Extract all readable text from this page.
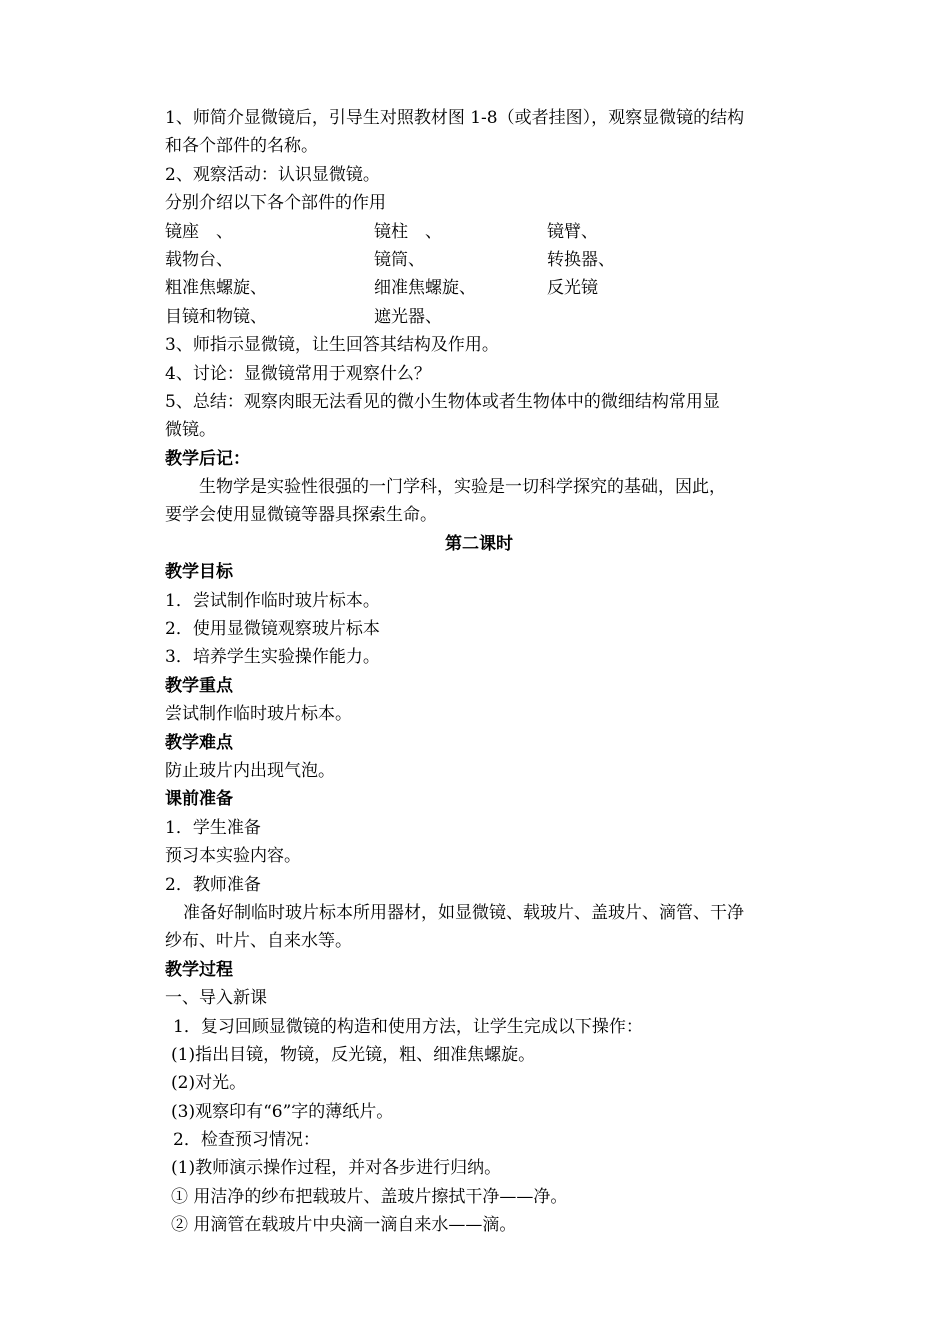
1、师简介显微镜后，引导生对照教材图 1-8（或者挂图），观察显微镜的结构
和各个部件的名称。
2、观察活动：认识显微镜。
分别介绍以下各个部件的作用
镜座　、	镜柱　、	镜臂、
载物台、	镜筒、	转换器、
粗准焦螺旋、	细准焦螺旋、	反光镜
目镜和物镜、	遮光器、
3、师指示显微镜，让生回答其结构及作用。
4、讨论：显微镜常用于观察什么？
5、总结：观察肉眼无法看见的微小生物体或者生物体中的微细结构常用显
微镜。
教学后记：
生物学是实验性很强的一门学科，实验是一切科学探究的基础，因此，
要学会使用显微镜等器具探索生命。
第二课时
教学目标
1．尝试制作临时玻片标本。
2．使用显微镜观察玻片标本
3．培养学生实验操作能力。
教学重点
尝试制作临时玻片标本。
教学难点
防止玻片内出现气泡。
课前准备
1．学生准备
预习本实验内容。
2．教师准备
准备好制临时玻片标本所用器材，如显微镜、载玻片、盖玻片、滴管、干净
纱布、叶片、自来水等。
教学过程
一、导入新课
1．复习回顾显微镜的构造和使用方法，让学生完成以下操作：
(1)指出目镜，物镜，反光镜，粗、细准焦螺旋。
(2)对光。
(3)观察印有“6”字的薄纸片。
2．检查预习情况：
(1)教师演示操作过程，并对各步进行归纳。
① 用洁净的纱布把载玻片、盖玻片擦拭干净——净。
② 用滴管在载玻片中央滴一滴自来水——滴。
